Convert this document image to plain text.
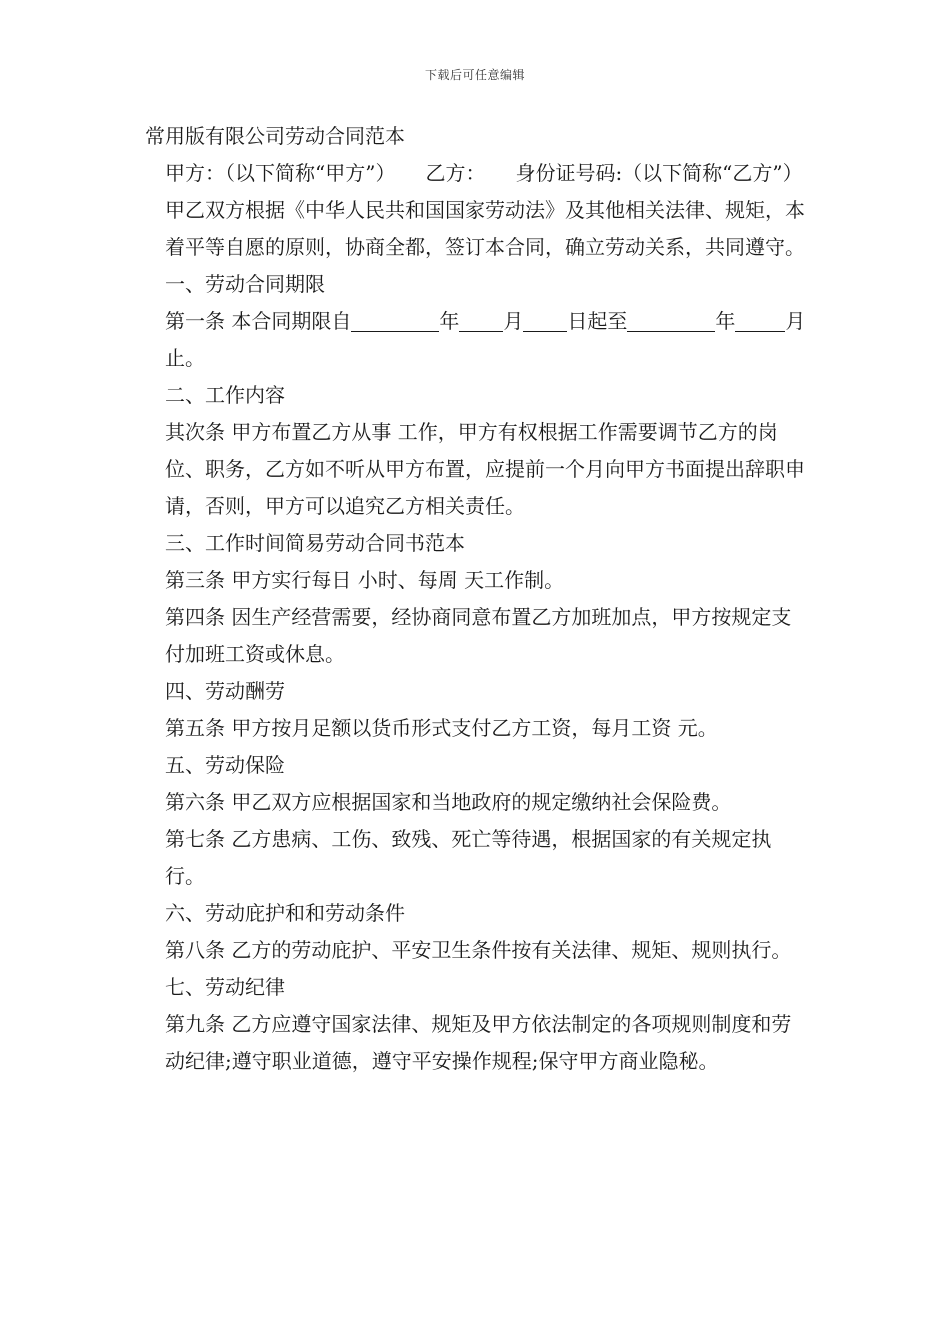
下载后可任意编辑

常用版有限公司劳动合同范本

甲方：（以下简称“甲方”）　　乙方：　　身份证号码:（以下简称“乙方”）　　甲乙双方根据《中华人民共和国国家劳动法》及其他相关法律、规矩，本着平等自愿的原则，协商全都，签订本合同，确立劳动关系，共同遵守。

一、劳动合同期限

第一条 本合同期限自	年 月 日起至	年	月 止。

二、工作内容

其次条 甲方布置乙方从事 工作，甲方有权根据工作需要调节乙方的岗位、职务，乙方如不听从甲方布置，应提前一个月向甲方书面提出辞职申请，否则，甲方可以追究乙方相关责任。

三、工作时间简易劳动合同书范本

第三条 甲方实行每日 小时、每周 天工作制。

第四条 因生产经营需要，经协商同意布置乙方加班加点，甲方按规定支付加班工资或休息。

四、劳动酬劳

第五条 甲方按月足额以货币形式支付乙方工资，每月工资 元。

五、劳动保险

第六条 甲乙双方应根据国家和当地政府的规定缴纳社会保险费。

第七条 乙方患病、工伤、致残、死亡等待遇，根据国家的有关规定执行。

六、劳动庇护和和劳动条件

第八条 乙方的劳动庇护、平安卫生条件按有关法律、规矩、规则执行。

七、劳动纪律

第九条 乙方应遵守国家法律、规矩及甲方依法制定的各项规则制度和劳动纪律;遵守职业道德，遵守平安操作规程;保守甲方商业隐秘。
